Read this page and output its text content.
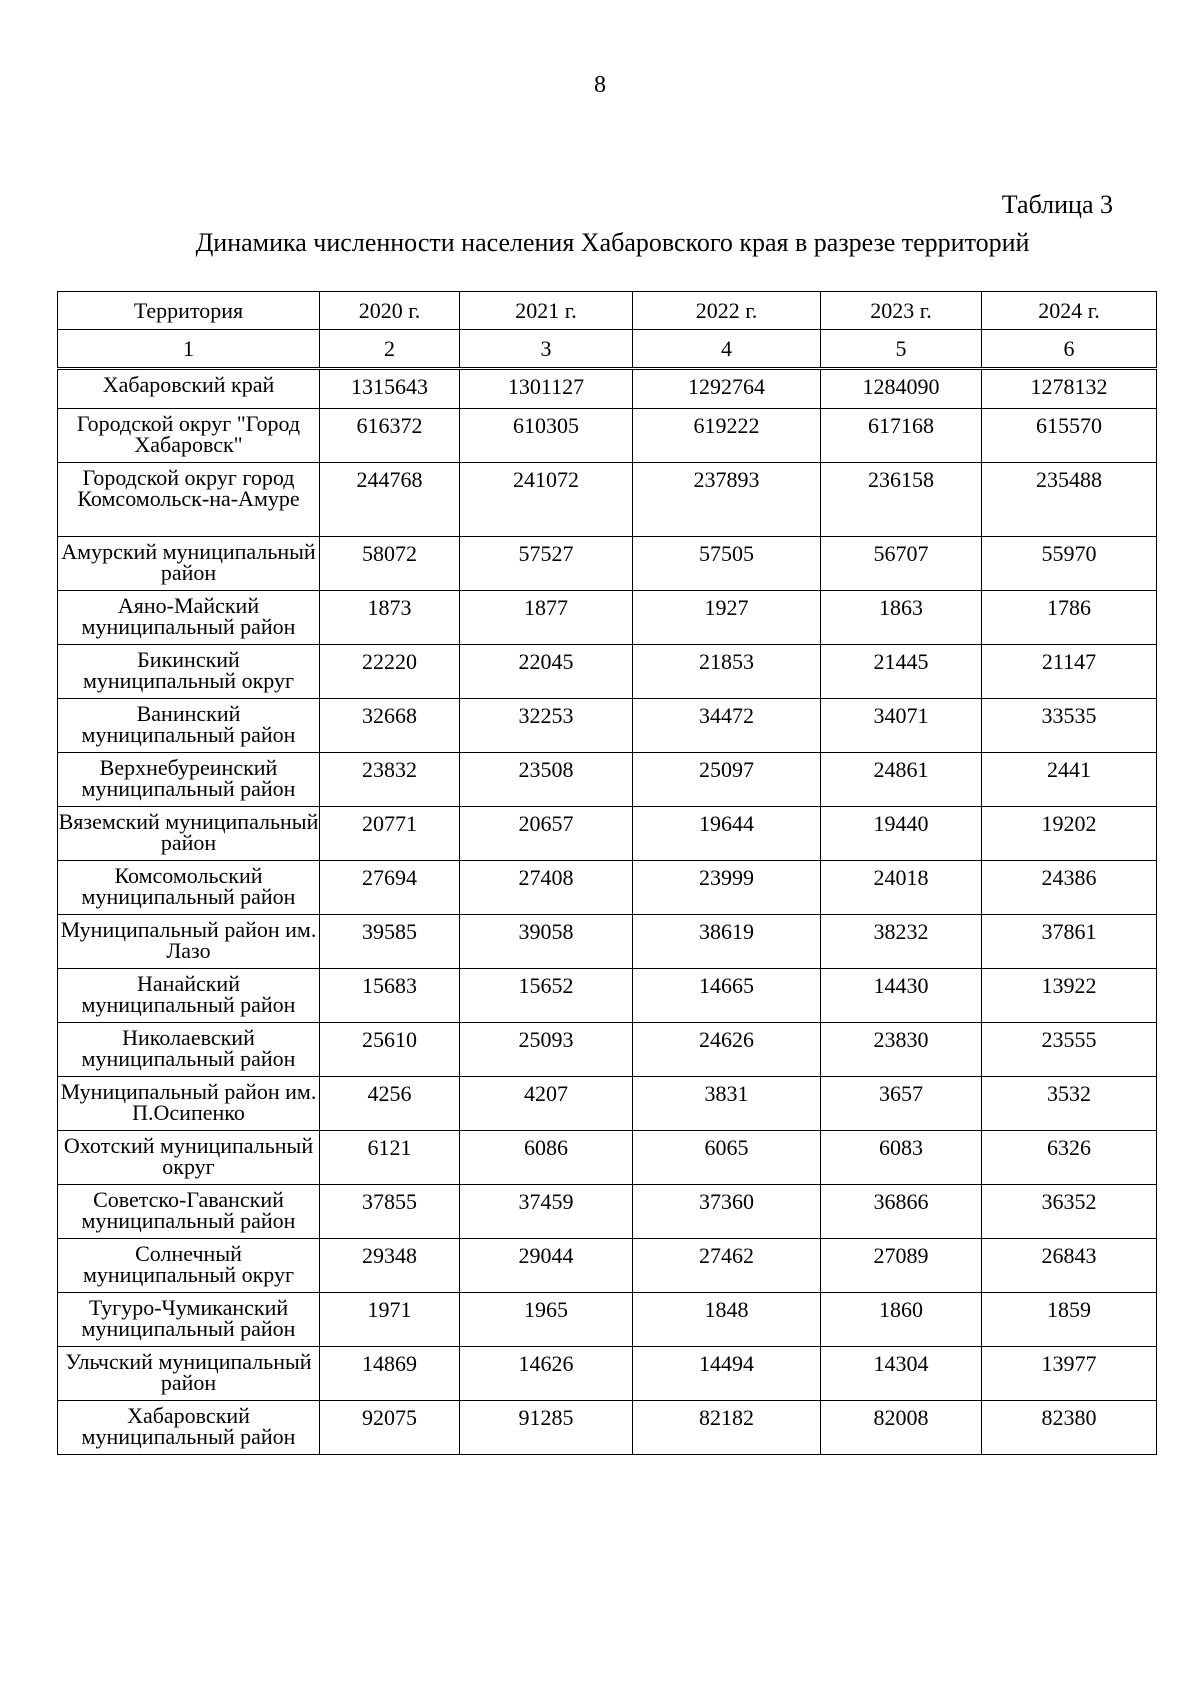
8
Таблица 3
Динамика численности населения Хабаровского края в разрезе территорий
Территория	2020 г.	2021 г.	2022 г.	2023 г.	2024 г.
1	2	3	4	5	6
Хабаровский край	1315643	1301127	1292764	1284090	1278132
Городской округ "Город Хабаровск"	616372	610305	619222	617168	615570
Городской округ город Комсомольск-на-Амуре	244768	241072	237893	236158	235488
Амурский муниципальный район	58072	57527	57505	56707	55970
Аяно-Майский муниципальный район	1873	1877	1927	1863	1786
Бикинский муниципальный округ	22220	22045	21853	21445	21147
Ванинский муниципальный район	32668	32253	34472	34071	33535
Верхнебуреинский муниципальный район	23832	23508	25097	24861	2441
Вяземский муниципальный район	20771	20657	19644	19440	19202
Комсомольский муниципальный район	27694	27408	23999	24018	24386
Муниципальный район им. Лазо	39585	39058	38619	38232	37861
Нанайский муниципальный район	15683	15652	14665	14430	13922
Николаевский муниципальный район	25610	25093	24626	23830	23555
Муниципальный район им. П.Осипенко	4256	4207	3831	3657	3532
Охотский муниципальный округ	6121	6086	6065	6083	6326
Советско-Гаванский муниципальный район	37855	37459	37360	36866	36352
Солнечный муниципальный округ	29348	29044	27462	27089	26843
Тугуро-Чумиканский муниципальный район	1971	1965	1848	1860	1859
Ульчский муниципальный район	14869	14626	14494	14304	13977
Хабаровский муниципальный район	92075	91285	82182	82008	82380
